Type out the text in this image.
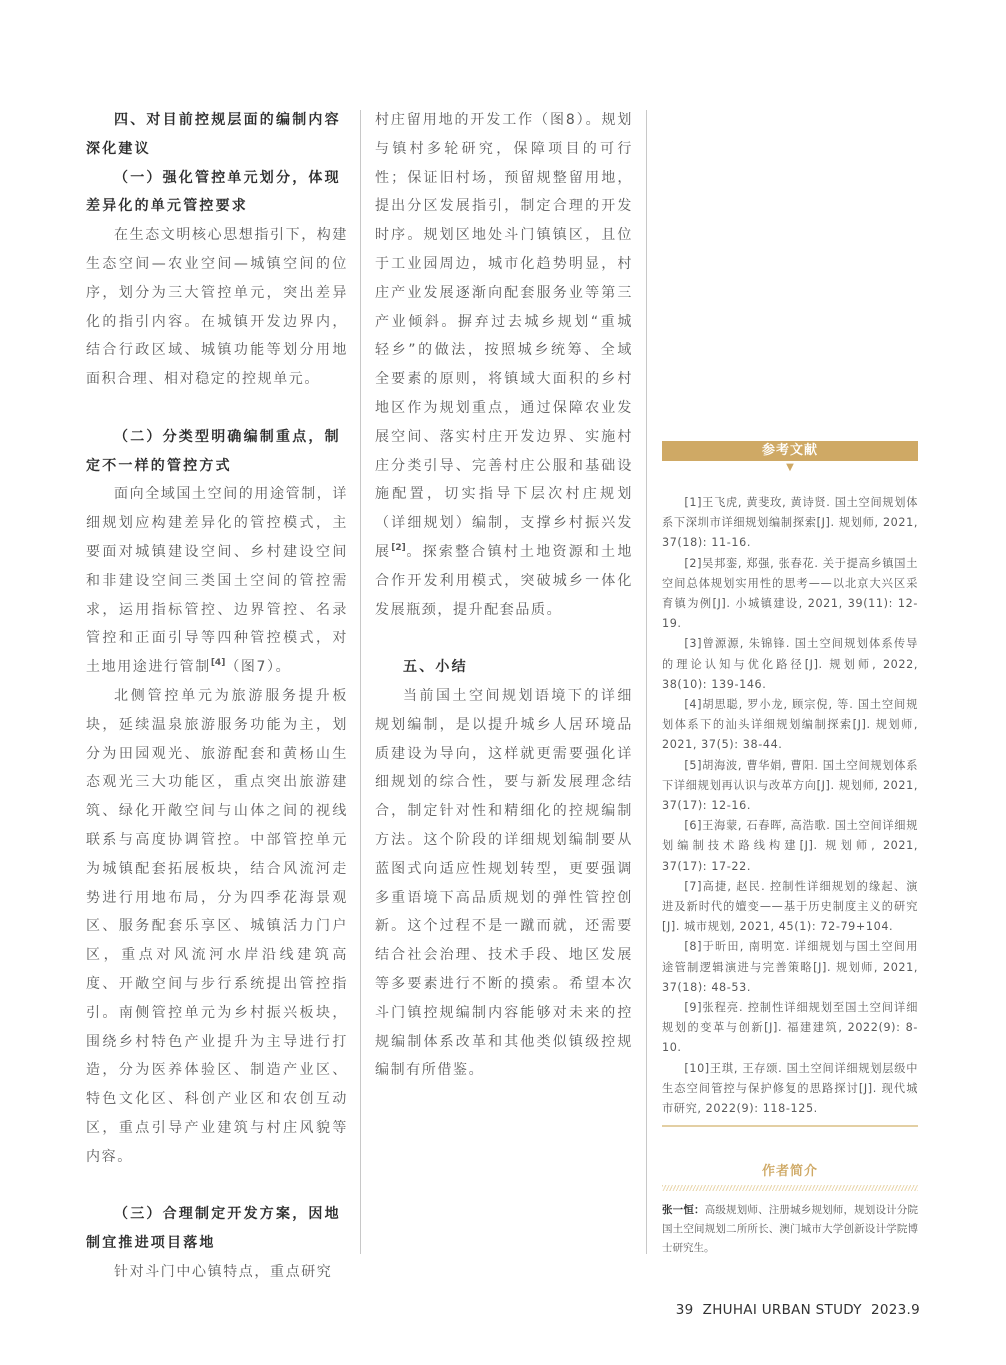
四、对目前控规层面的编制内容深化建议

（一）强化管控单元划分，体现差异化的单元管控要求

在生态文明核心思想指引下，构建生态空间—农业空间—城镇空间的位序，划分为三大管控单元，突出差异化的指引内容。在城镇开发边界内，结合行政区域、城镇功能等划分用地面积合理、相对稳定的控规单元。

（二）分类型明确编制重点，制定不一样的管控方式

面向全域国土空间的用途管制，详细规划应构建差异化的管控模式，主要面对城镇建设空间、乡村建设空间和非建设空间三类国土空间的管控需求，运用指标管控、边界管控、名录管控和正面引导等四种管控模式，对土地用途进行管制[4]（图7）。

北侧管控单元为旅游服务提升板块，延续温泉旅游服务功能为主，划分为田园观光、旅游配套和黄杨山生态观光三大功能区，重点突出旅游建筑、绿化开敞空间与山体之间的视线联系与高度协调管控。中部管控单元为城镇配套拓展板块，结合风流河走势进行用地布局，分为四季花海景观区、服务配套乐享区、城镇活力门户区，重点对风流河水岸沿线建筑高度、开敞空间与步行系统提出管控指引。南侧管控单元为乡村振兴板块，围绕乡村特色产业提升为主导进行打造，分为医养体验区、制造产业区、特色文化区、科创产业区和农创互动区，重点引导产业建筑与村庄风貌等内容。

（三）合理制定开发方案，因地制宜推进项目落地

针对斗门中心镇特点，重点研究

村庄留用地的开发工作（图8）。规划与镇村多轮研究，保障项目的可行性；保证旧村场，预留规整留用地，提出分区发展指引，制定合理的开发时序。规划区地处斗门镇镇区，且位于工业园周边，城市化趋势明显，村庄产业发展逐渐向配套服务业等第三产业倾斜。摒弃过去城乡规划“重城轻乡”的做法，按照城乡统筹、全域全要素的原则，将镇域大面积的乡村地区作为规划重点，通过保障农业发展空间、落实村庄开发边界、实施村庄分类引导、完善村庄公服和基础设施配置，切实指导下层次村庄规划（详细规划）编制，支撑乡村振兴发展[2]。探索整合镇村土地资源和土地合作开发利用模式，突破城乡一体化发展瓶颈，提升配套品质。

五、小结

当前国土空间规划语境下的详细规划编制，是以提升城乡人居环境品质建设为导向，这样就更需要强化详细规划的综合性，要与新发展理念结合，制定针对性和精细化的控规编制方法。这个阶段的详细规划编制要从蓝图式向适应性规划转型，更要强调多重语境下高品质规划的弹性管控创新。这个过程不是一蹴而就，还需要结合社会治理、技术手段、地区发展等多要素进行不断的摸索。希望本次斗门镇控规编制内容能够对未来的控规编制体系改革和其他类似镇级控规编制有所借鉴。

参考文献
▼

[1]王飞虎, 黄斐玫, 黄诗贤. 国土空间规划体系下深圳市详细规划编制探索[J]. 规划师, 2021, 37(18): 11-16.

[2]吴邦銮, 郑强, 张春花. 关于提高乡镇国土空间总体规划实用性的思考——以北京大兴区采育镇为例[J]. 小城镇建设, 2021, 39(11): 12-19.

[3]曾源源, 朱锦锋. 国土空间规划体系传导的理论认知与优化路径[J]. 规划师, 2022, 38(10): 139-146.

[4]胡思聪, 罗小龙, 顾宗倪, 等. 国土空间规划体系下的汕头详细规划编制探索[J]. 规划师, 2021, 37(5): 38-44.

[5]胡海波, 曹华娟, 曹阳. 国土空间规划体系下详细规划再认识与改革方向[J]. 规划师, 2021, 37(17): 12-16.

[6]王海蒙, 石春晖, 高浩歌. 国土空间详细规划编制技术路线构建[J]. 规划师, 2021, 37(17): 17-22.

[7]高捷, 赵民. 控制性详细规划的缘起、演进及新时代的嬗变——基于历史制度主义的研究[J]. 城市规划, 2021, 45(1): 72-79+104.

[8]于昕田, 南明宽. 详细规划与国土空间用途管制逻辑演进与完善策略[J]. 规划师, 2021, 37(18): 48-53.

[9]张程亮. 控制性详细规划至国土空间详细规划的变革与创新[J]. 福建建筑, 2022(9): 8-10.

[10]王琪, 王存颂. 国土空间详细规划层级中生态空间管控与保护修复的思路探讨[J]. 现代城市研究, 2022(9): 118-125.

作者简介

张一恒：高级规划师、注册城乡规划师，规划设计分院国土空间规划二所所长、澳门城市大学创新设计学院博士研究生。

39 ZHUHAI URBAN STUDY 2023.9
